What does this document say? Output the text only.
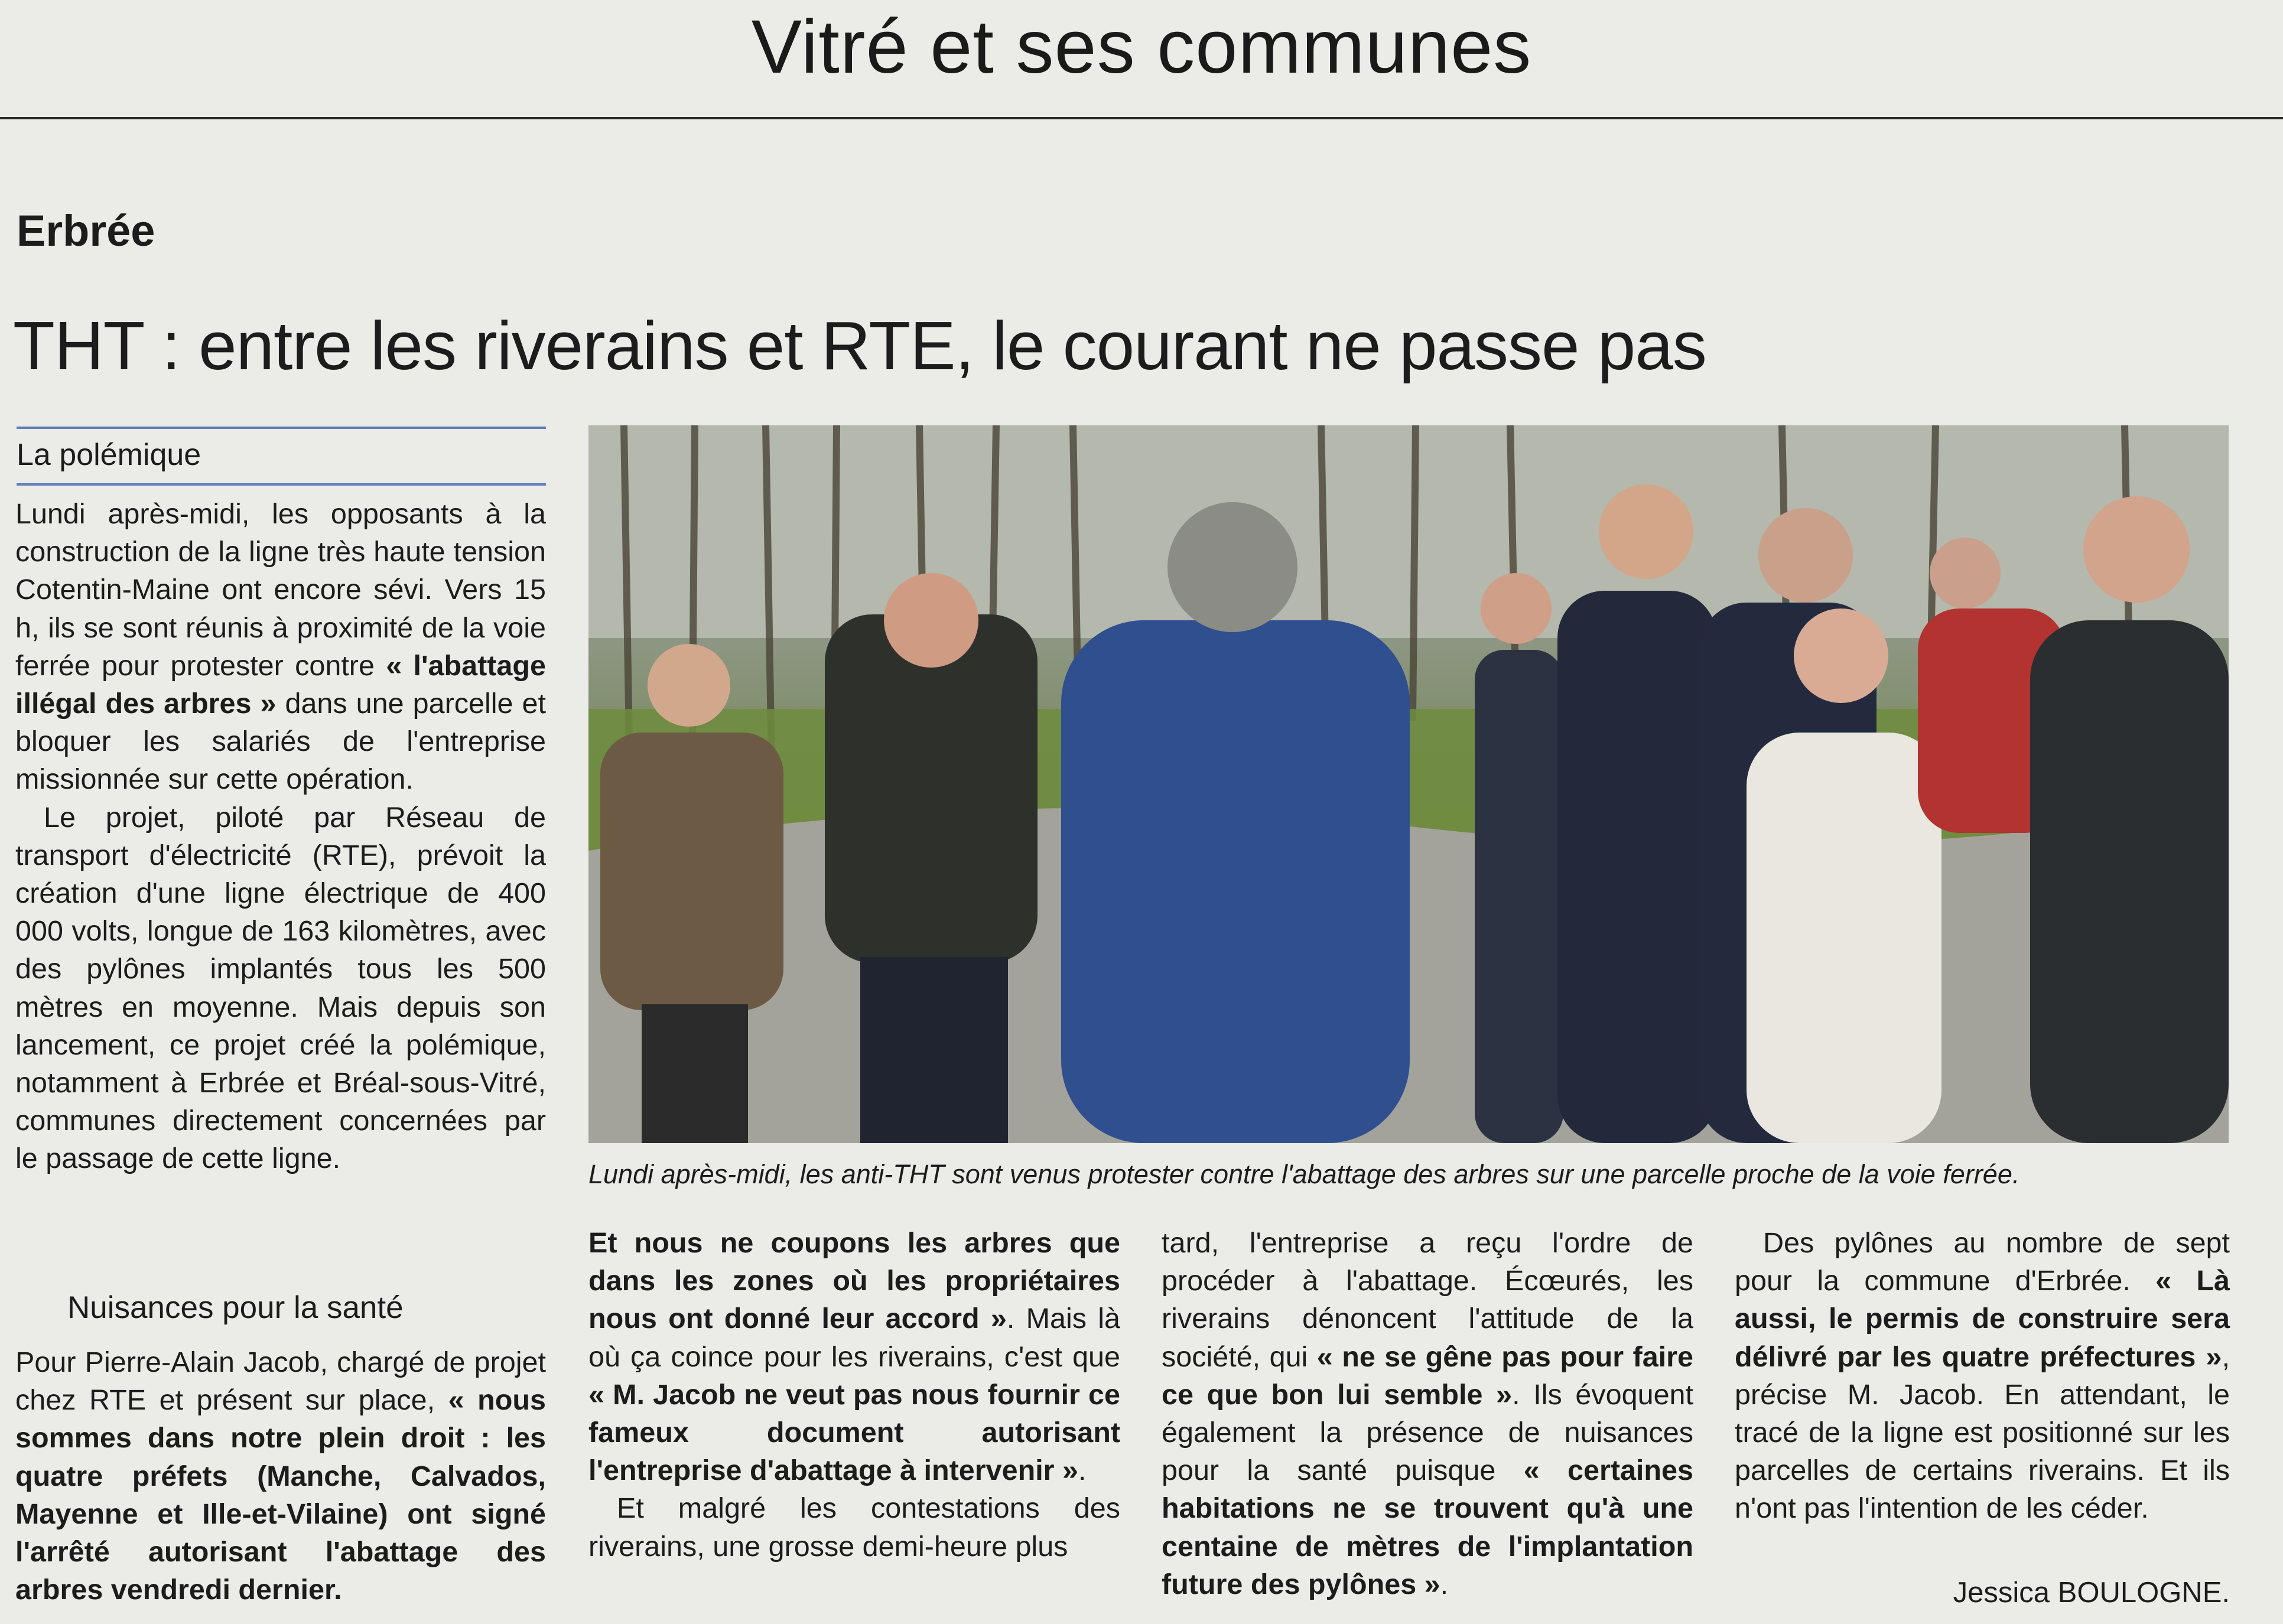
Vitré et ses communes
Erbrée
THT : entre les riverains et RTE, le courant ne passe pas
La polémique

Lundi après-midi, les opposants à la construction de la ligne très haute tension Cotentin-Maine ont encore sévi. Vers 15 h, ils se sont réunis à proximité de la voie ferrée pour protester contre « l'abattage illégal des arbres » dans une parcelle et bloquer les salariés de l'entreprise missionnée sur cette opération.

Le projet, piloté par Réseau de transport d'électricité (RTE), prévoit la création d'une ligne électrique de 400 000 volts, longue de 163 kilomètres, avec des pylônes implantés tous les 500 mètres en moyenne. Mais depuis son lancement, ce projet créé la polémique, notamment à Erbrée et Bréal-sous-Vitré, communes directement concernées par le passage de cette ligne.

Nuisances pour la santé

Pour Pierre-Alain Jacob, chargé de projet chez RTE et présent sur place, « nous sommes dans notre plein droit : les quatre préfets (Manche, Calvados, Mayenne et Ille-et-Vilaine) ont signé l'arrêté autorisant l'abattage des arbres vendredi dernier.

Lundi après-midi, les anti-THT sont venus protester contre l'abattage des arbres sur une parcelle proche de la voie ferrée.

Et nous ne coupons les arbres que dans les zones où les propriétaires nous ont donné leur accord ». Mais là où ça coince pour les riverains, c'est que « M. Jacob ne veut pas nous fournir ce fameux document autorisant l'entreprise d'abattage à intervenir ».

Et malgré les contestations des riverains, une grosse demi-heure plus

tard, l'entreprise a reçu l'ordre de procéder à l'abattage. Écœurés, les riverains dénoncent l'attitude de la société, qui « ne se gêne pas pour faire ce que bon lui semble ». Ils évoquent également la présence de nuisances pour la santé puisque « certaines habitations ne se trouvent qu'à une centaine de mètres de l'implantation future des pylônes ».

Des pylônes au nombre de sept pour la commune d'Erbrée. « Là aussi, le permis de construire sera délivré par les quatre préfectures », précise M. Jacob. En attendant, le tracé de la ligne est positionné sur les parcelles de certains riverains. Et ils n'ont pas l'intention de les céder.

Jessica BOULOGNE.
